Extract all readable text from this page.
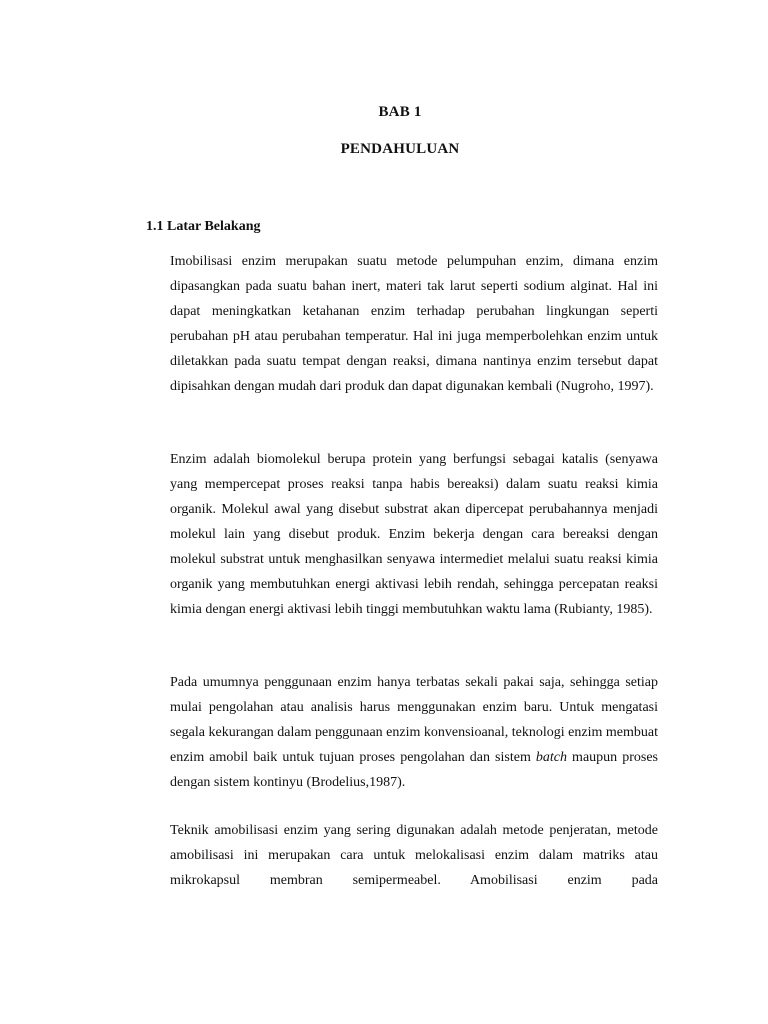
BAB 1
PENDAHULUAN
1.1 Latar Belakang

Imobilisasi enzim merupakan suatu metode pelumpuhan enzim, dimana enzim dipasangkan pada suatu bahan inert, materi tak larut seperti sodium alginat. Hal ini dapat meningkatkan ketahanan enzim terhadap perubahan lingkungan seperti perubahan pH atau perubahan temperatur. Hal ini juga memperbolehkan enzim untuk diletakkan pada suatu tempat dengan reaksi, dimana nantinya enzim tersebut dapat dipisahkan dengan mudah dari produk dan dapat digunakan kembali (Nugroho, 1997).

Enzim adalah biomolekul berupa protein yang berfungsi sebagai katalis (senyawa yang mempercepat proses reaksi tanpa habis bereaksi) dalam suatu reaksi kimia organik. Molekul awal yang disebut substrat akan dipercepat perubahannya menjadi molekul lain yang disebut produk. Enzim bekerja dengan cara bereaksi dengan molekul substrat untuk menghasilkan senyawa intermediet melalui suatu reaksi kimia organik yang membutuhkan energi aktivasi lebih rendah, sehingga percepatan reaksi kimia dengan energi aktivasi lebih tinggi membutuhkan waktu lama (Rubianty, 1985).

Pada umumnya penggunaan enzim hanya terbatas sekali pakai saja, sehingga setiap mulai pengolahan atau analisis harus menggunakan enzim baru. Untuk mengatasi segala kekurangan dalam penggunaan enzim konvensioanal, teknologi enzim membuat enzim amobil baik untuk tujuan proses pengolahan dan sistem batch maupun proses dengan sistem kontinyu (Brodelius,1987).

Teknik amobilisasi enzim yang sering digunakan adalah metode penjeratan, metode amobilisasi ini merupakan cara untuk melokalisasi enzim dalam matriks atau mikrokapsul membran semipermeabel. Amobilisasi enzim pada
